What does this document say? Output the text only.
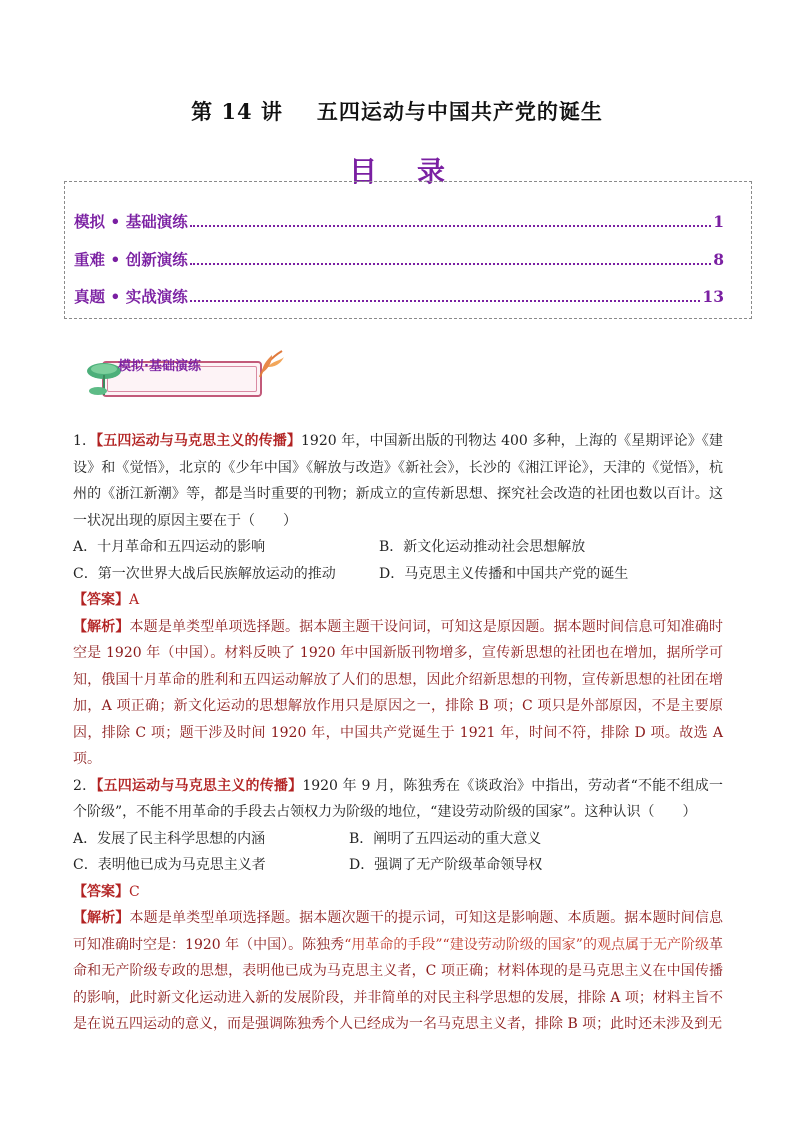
第 14 讲 五四运动与中国共产党的诞生
目录
模拟 • 基础演练	1
重难 • 创新演练	8
真题 • 实战演练	13
模拟·基础演练

1．【五四运动与马克思主义的传播】1920 年，中国新出版的刊物达 400 多种，上海的《星期评论》《建设》和《觉悟》，北京的《少年中国》《解放与改造》《新社会》，长沙的《湘江评论》，天津的《觉悟》，杭州的《浙江新潮》等，都是当时重要的刊物；新成立的宣传新思想、探究社会改造的社团也数以百计。这一状况出现的原因主要在于（　　）

A．十月革命和五四运动的影响	B．新文化运动推动社会思想解放
C．第一次世界大战后民族解放运动的推动	D．马克思主义传播和中国共产党的诞生

【答案】A

【解析】本题是单类型单项选择题。据本题主题干设问词，可知这是原因题。据本题时间信息可知准确时空是 1920 年（中国）。材料反映了 1920 年中国新版刊物增多，宣传新思想的社团也在增加，据所学可知，俄国十月革命的胜利和五四运动解放了人们的思想，因此介绍新思想的刊物，宣传新思想的社团在增加，A 项正确；新文化运动的思想解放作用只是原因之一，排除 B 项；C 项只是外部原因，不是主要原因，排除 C 项；题干涉及时间 1920 年，中国共产党诞生于 1921 年，时间不符，排除 D 项。故选 A 项。

2．【五四运动与马克思主义的传播】1920 年 9 月，陈独秀在《谈政治》中指出，劳动者“不能不组成一个阶级”，不能不用革命的手段去占领权力为阶级的地位，“建设劳动阶级的国家”。这种认识（　　）

A．发展了民主科学思想的内涵	B．阐明了五四运动的重大意义
C．表明他已成为马克思主义者	D．强调了无产阶级革命领导权

【答案】C

【解析】本题是单类型单项选择题。据本题次题干的提示词，可知这是影响题、本质题。据本题时间信息可知准确时空是：1920 年（中国）。陈独秀“用革命的手段”“建设劳动阶级的国家”的观点属于无产阶级革命和无产阶级专政的思想，表明他已成为马克思主义者，C 项正确；材料体现的是马克思主义在中国传播的影响，此时新文化运动进入新的发展阶段，并非简单的对民主科学思想的发展，排除 A 项；材料主旨不是在说五四运动的意义，而是强调陈独秀个人已经成为一名马克思主义者，排除 B 项；此时还未涉及到无
